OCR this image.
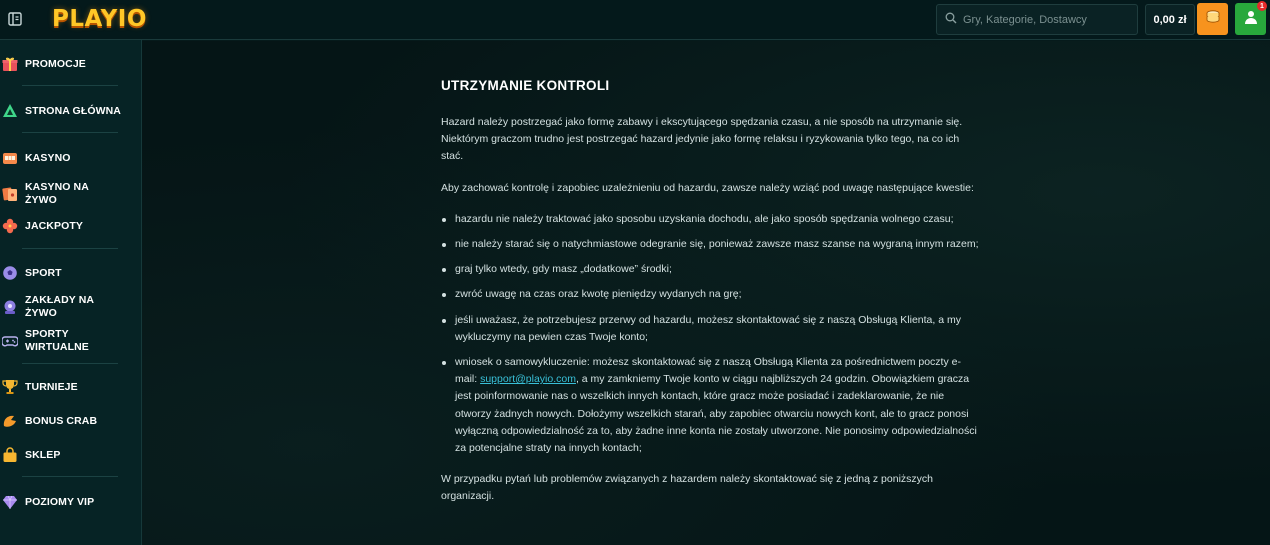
PLAYIO
Gry, Kategorie, Dostawcy	0,00 zł
1
PROMOCJE
STRONA GŁÓWNA
KASYNO
KASYNO NA ŻYWO
JACKPOTY
SPORT
ZAKŁADY NA ŻYWO
SPORTY WIRTUALNE
TURNIEJE
BONUS CRAB
SKLEP
POZIOMY VIP
UTRZYMANIE KONTROLI

Hazard należy postrzegać jako formę zabawy i ekscytującego spędzania czasu, a nie sposób na utrzymanie się. Niektórym graczom trudno jest postrzegać hazard jedynie jako formę relaksu i ryzykowania tylko tego, na co ich stać.

Aby zachować kontrolę i zapobiec uzależnieniu od hazardu, zawsze należy wziąć pod uwagę następujące kwestie:

hazardu nie należy traktować jako sposobu uzyskania dochodu, ale jako sposób spędzania wolnego czasu;
nie należy starać się o natychmiastowe odegranie się, ponieważ zawsze masz szanse na wygraną innym razem;
graj tylko wtedy, gdy masz „dodatkowe” środki;
zwróć uwagę na czas oraz kwotę pieniędzy wydanych na grę;
jeśli uważasz, że potrzebujesz przerwy od hazardu, możesz skontaktować się z naszą Obsługą Klienta, a my wykluczymy na pewien czas Twoje konto;
wniosek o samowykluczenie: możesz skontaktować się z naszą Obsługą Klienta za pośrednictwem poczty e-mail: support@playio.com, a my zamkniemy Twoje konto w ciągu najbliższych 24 godzin. Obowiązkiem gracza jest poinformowanie nas o wszelkich innych kontach, które gracz może posiadać i zadeklarowanie, że nie otworzy żadnych nowych. Dołożymy wszelkich starań, aby zapobiec otwarciu nowych kont, ale to gracz ponosi wyłączną odpowiedzialność za to, aby żadne inne konta nie zostały utworzone. Nie ponosimy odpowiedzialności za potencjalne straty na innych kontach;

W przypadku pytań lub problemów związanych z hazardem należy skontaktować się z jedną z poniższych organizacji.
